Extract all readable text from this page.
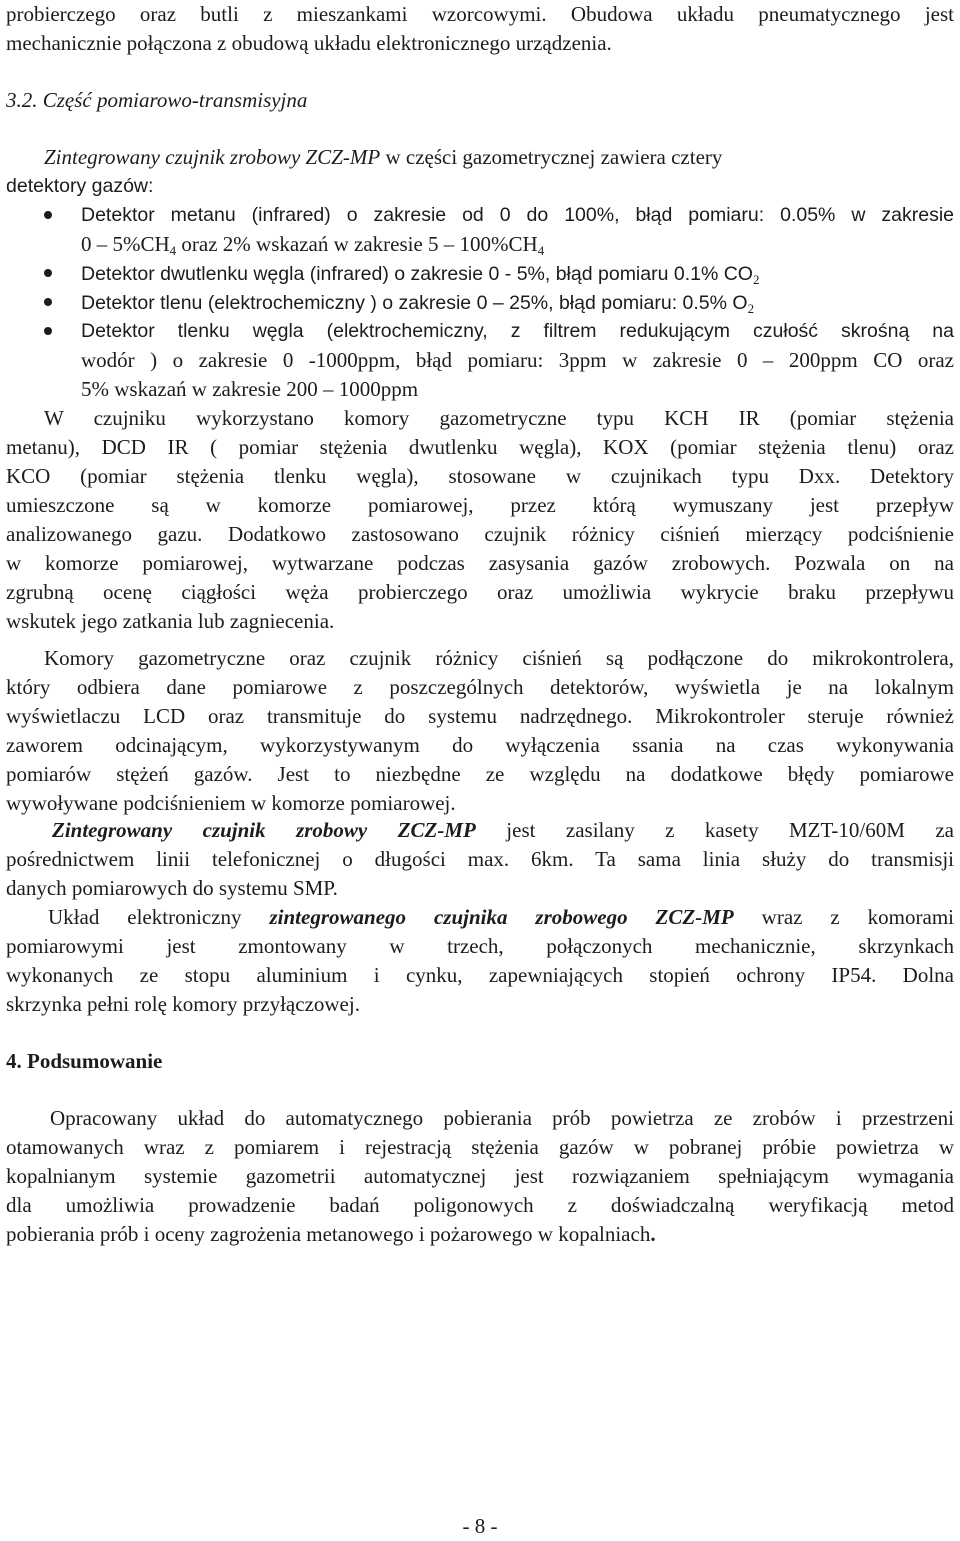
probierczego oraz butli z mieszankami wzorcowymi. Obudowa układu pneumatycznego jest
mechanicznie połączona z obudową układu elektronicznego urządzenia.
3.2. Część pomiarowo-transmisyjna
Zintegrowany czujnik zrobowy ZCZ-MP w części gazometrycznej zawiera cztery
detektory gazów:
Detektor metanu (infrared) o zakresie od 0 do 100%, błąd pomiaru: 0.05% w zakresie
$0 - 5\%CH_4$ oraz 2% wskazań w zakresie $5 - 100\%CH_4$
Detektor dwutlenku węgla (infrared) o zakresie 0 - 5%, błąd pomiaru 0.1% $CO_2$
Detektor tlenu (elektrochemiczny ) o zakresie 0 – 25%, błąd pomiaru: 0.5% $O_2$
Detektor tlenku węgla (elektrochemiczny, z filtrem redukującym czułość skrośną na
wodór ) o zakresie 0 -1000ppm, błąd pomiaru: 3ppm w zakresie 0 – 200ppm CO oraz
5% wskazań w zakresie 200 – 1000ppm
W czujniku wykorzystano komory gazometryczne typu KCH IR (pomiar stężenia
metanu), DCD IR ( pomiar stężenia dwutlenku węgla), KOX (pomiar stężenia tlenu) oraz
KCO (pomiar stężenia tlenku węgla), stosowane w czujnikach typu Dxx. Detektory
umieszczone są w komorze pomiarowej, przez którą wymuszany jest przepływ
analizowanego gazu. Dodatkowo zastosowano czujnik różnicy ciśnień mierzący podciśnienie
w komorze pomiarowej, wytwarzane podczas zasysania gazów zrobowych. Pozwala on na
zgrubną ocenę ciągłości węża probierczego oraz umożliwia wykrycie braku przepływu
wskutek jego zatkania lub zagniecenia.
Komory gazometryczne oraz czujnik różnicy ciśnień są podłączone do mikrokontrolera,
który odbiera dane pomiarowe z poszczególnych detektorów, wyświetla je na lokalnym
wyświetlaczu LCD oraz transmituje do systemu nadrzędnego. Mikrokontroler steruje również
zaworem odcinającym, wykorzystywanym do wyłączenia ssania na czas wykonywania
pomiarów stężeń gazów. Jest to niezbędne ze względu na dodatkowe błędy pomiarowe
wywoływane podciśnieniem w komorze pomiarowej.
Zintegrowany czujnik zrobowy ZCZ-MP jest zasilany z kasety MZT-10/60M za
pośrednictwem linii telefonicznej o długości max. 6km. Ta sama linia służy do transmisji
danych pomiarowych do systemu SMP.
Układ elektroniczny zintegrowanego czujnika zrobowego ZCZ-MP wraz z komorami
pomiarowymi jest zmontowany w trzech, połączonych mechanicznie, skrzynkach
wykonanych ze stopu aluminium i cynku, zapewniających stopień ochrony IP54. Dolna
skrzynka pełni rolę komory przyłączowej.
4. Podsumowanie
Opracowany układ do automatycznego pobierania prób powietrza ze zrobów i przestrzeni
otamowanych wraz z pomiarem i rejestracją stężenia gazów w pobranej próbie powietrza w
kopalnianym systemie gazometrii automatycznej jest rozwiązaniem spełniającym wymagania
dla umożliwia prowadzenie badań poligonowych z doświadczalną weryfikacją metod
pobierania prób i oceny zagrożenia metanowego i pożarowego w kopalniach.
- 8 -
